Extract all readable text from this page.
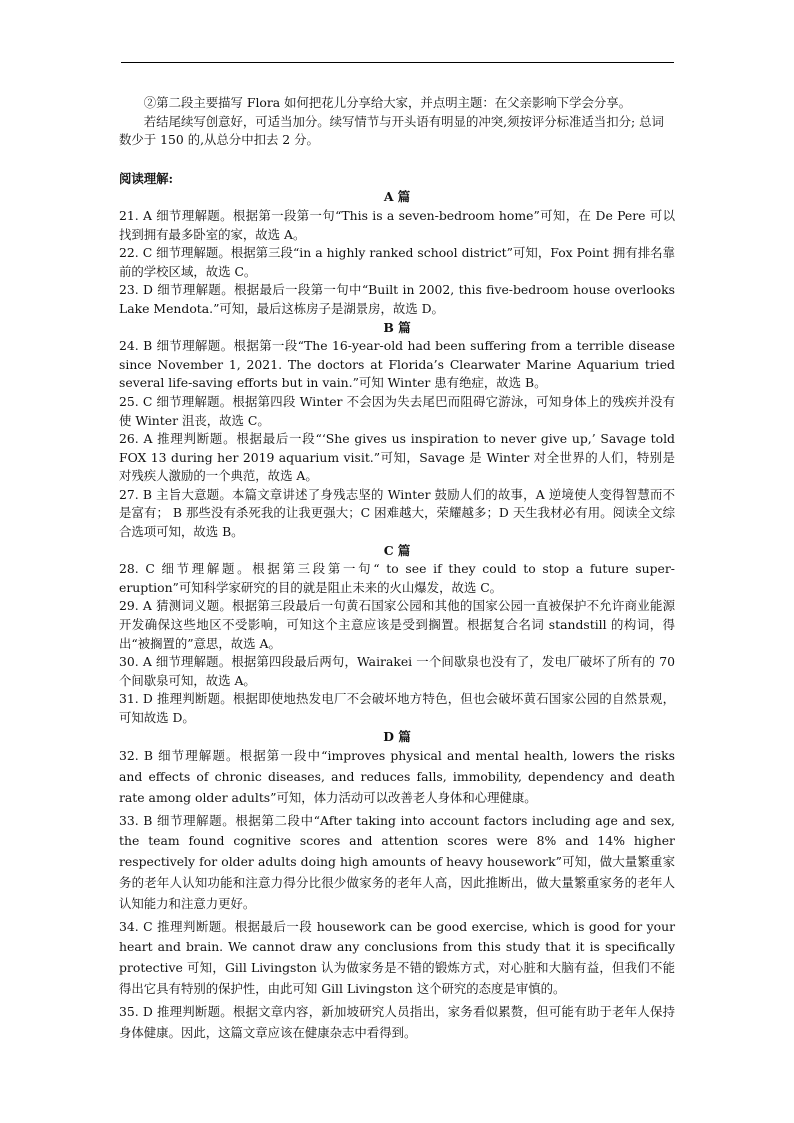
②第二段主要描写 Flora 如何把花儿分享给大家，并点明主题：在父亲影响下学会分享。

若结尾续写创意好，可适当加分。续写情节与开头语有明显的冲突,须按评分标准适当扣分; 总词数少于 150 的,从总分中扣去 2 分。

阅读理解:
A 篇

21. A 细节理解题。根据第一段第一句“This is a seven-bedroom home”可知，在 De Pere 可以找到拥有最多卧室的家，故选 A。

22. C 细节理解题。根据第三段“in a highly ranked school district”可知，Fox Point 拥有排名靠前的学校区域，故选 C。

23. D 细节理解题。根据最后一段第一句中“Built in 2002, this five-bedroom house overlooks Lake Mendota.”可知，最后这栋房子是湖景房，故选 D。

B 篇

24. B 细节理解题。根据第一段“The 16-year-old had been suffering from a terrible disease since November 1, 2021. The doctors at Florida’s Clearwater Marine Aquarium tried several life-saving efforts but in vain.”可知 Winter 患有绝症，故选 B。

25. C 细节理解题。根据第四段 Winter 不会因为失去尾巴而阻碍它游泳，可知身体上的残疾并没有使 Winter 沮丧，故选 C。

26. A 推理判断题。根据最后一段“‘She gives us inspiration to never give up,’ Savage told FOX 13 during her 2019 aquarium visit.”可知，Savage 是 Winter 对全世界的人们，特别是对残疾人激励的一个典范，故选 A。

27. B 主旨大意题。本篇文章讲述了身残志坚的 Winter 鼓励人们的故事，A 逆境使人变得智慧而不是富有； B 那些没有杀死我的让我更强大；C 困难越大，荣耀越多；D 天生我材必有用。阅读全文综合选项可知，故选 B。

C 篇

28. C 细节理解题。根据第三段第一句“ to see if they could to stop a future super-eruption”可知科学家研究的目的就是阻止未来的火山爆发，故选 C。

29. A 猜测词义题。根据第三段最后一句黄石国家公园和其他的国家公园一直被保护不允许商业能源开发确保这些地区不受影响，可知这个主意应该是受到搁置。根据复合名词 standstill 的构词，得出“被搁置的”意思，故选 A。

30. A 细节理解题。根据第四段最后两句，Wairakei 一个间歇泉也没有了，发电厂破坏了所有的 70 个间歇泉可知，故选 A。

31. D 推理判断题。根据即使地热发电厂不会破坏地方特色，但也会破坏黄石国家公园的自然景观，可知故选 D。

D 篇

32. B 细节理解题。根据第一段中“improves physical and mental health, lowers the risks and effects of chronic diseases, and reduces falls, immobility, dependency and death rate among older adults”可知，体力活动可以改善老人身体和心理健康。

33. B 细节理解题。根据第二段中“After taking into account factors including age and sex, the team found cognitive scores and attention scores were 8% and 14% higher respectively for older adults doing high amounts of heavy housework”可知，做大量繁重家务的老年人认知功能和注意力得分比很少做家务的老年人高，因此推断出，做大量繁重家务的老年人认知能力和注意力更好。

34. C 推理判断题。根据最后一段 housework can be good exercise, which is good for your heart and brain. We cannot draw any conclusions from this study that it is specifically protective 可知，Gill Livingston 认为做家务是不错的锻炼方式，对心脏和大脑有益，但我们不能得出它具有特别的保护性，由此可知 Gill Livingston 这个研究的态度是审慎的。

35. D 推理判断题。根据文章内容，新加坡研究人员指出，家务看似累赘，但可能有助于老年人保持身体健康。因此，这篇文章应该在健康杂志中看得到。
